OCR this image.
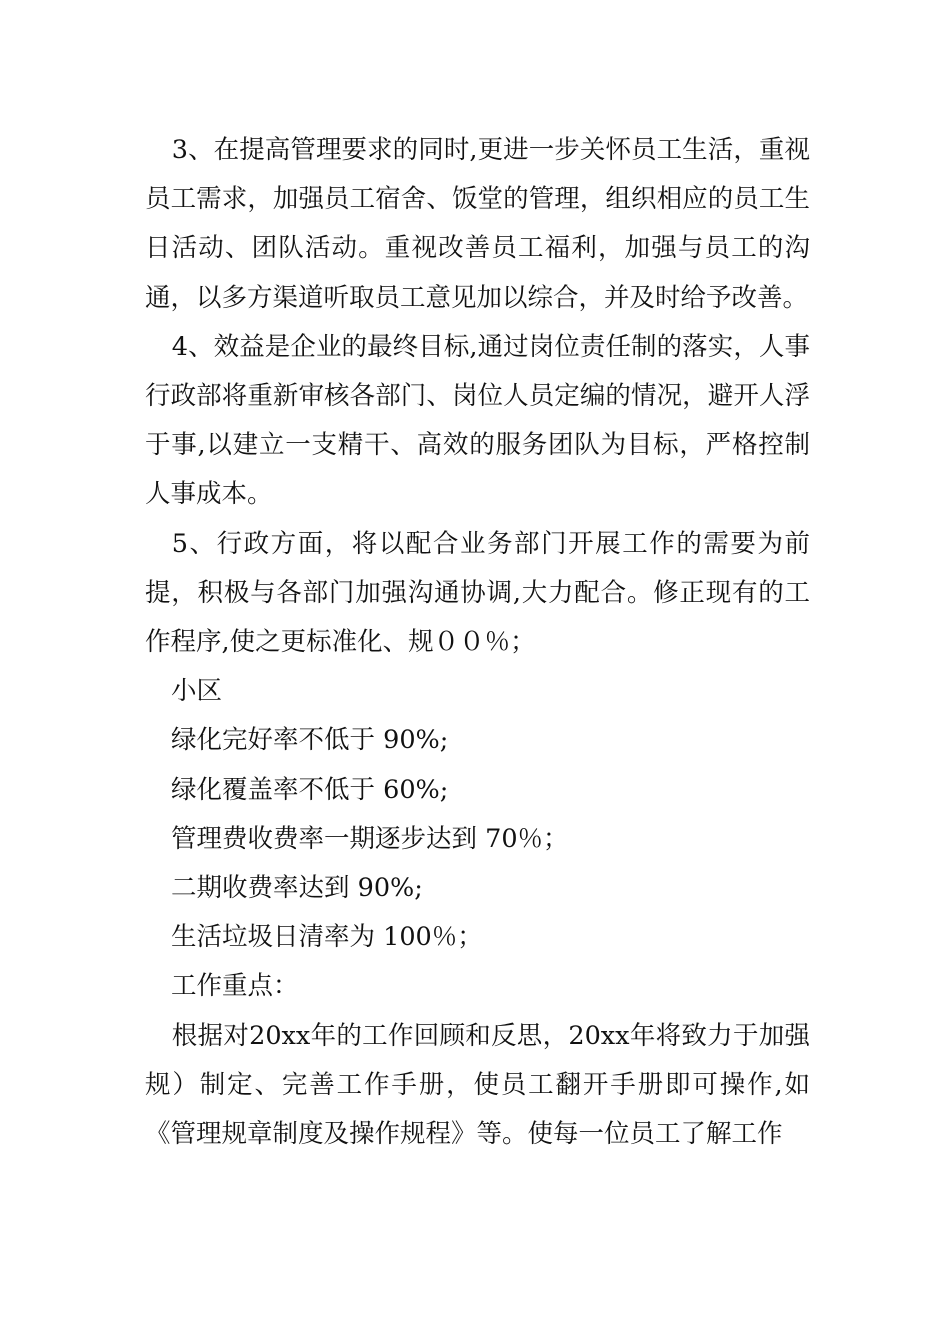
3、在提高管理要求的同时,更进一步关怀员工生活，重视员工需求，加强员工宿舍、饭堂的管理，组织相应的员工生日活动、团队活动。重视改善员工福利，加强与员工的沟通，以多方渠道听取员工意见加以综合，并及时给予改善。

4、效益是企业的最终目标,通过岗位责任制的落实，人事行政部将重新审核各部门、岗位人员定编的情况，避开人浮于事,以建立一支精干、高效的服务团队为目标，严格控制人事成本。

5、行政方面，将以配合业务部门开展工作的需要为前提，积极与各部门加强沟通协调,大力配合。修正现有的工作程序,使之更标准化、规００％；

小区

绿化完好率不低于 90%;

绿化覆盖率不低于 60%;

管理费收费率一期逐步达到 70％；

二期收费率达到 90%;

生活垃圾日清率为 100％；

工作重点：

根据对20xx年的工作回顾和反思，20xx年将致力于加强规）制定、完善工作手册，使员工翻开手册即可操作,如《管理规章制度及操作规程》等。使每一位员工了解工作
